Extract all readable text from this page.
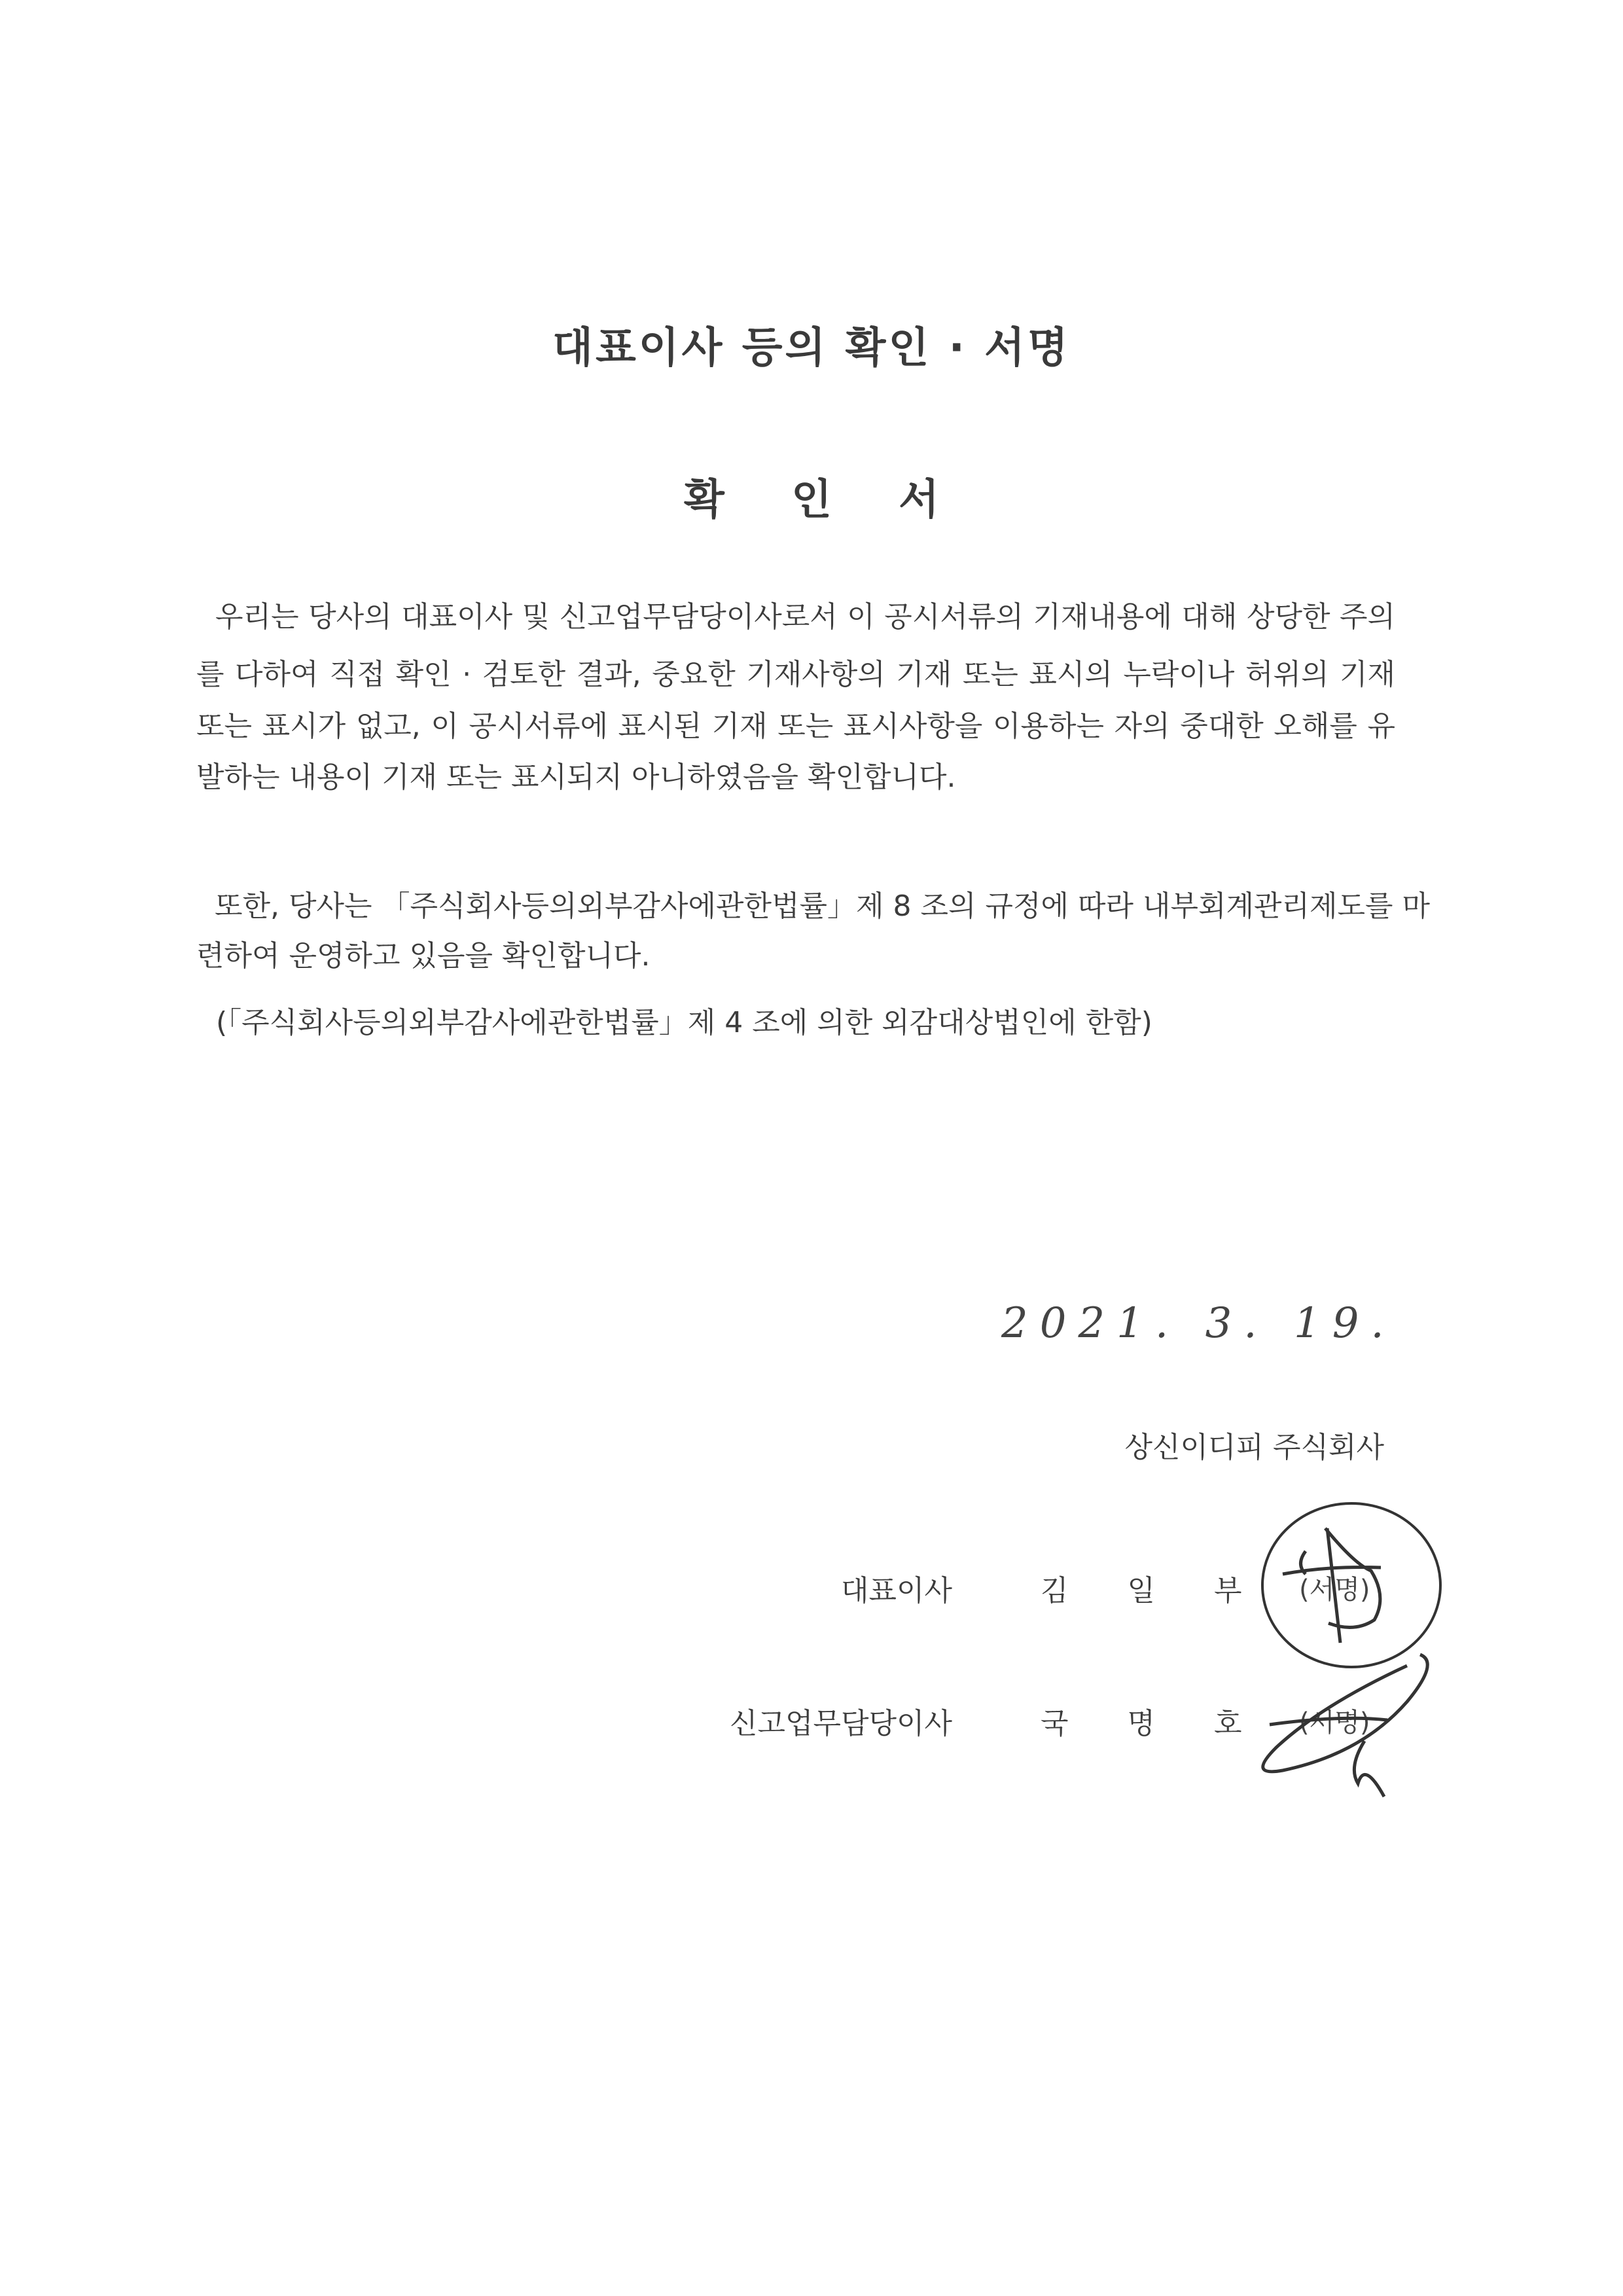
대표이사 등의 확인 · 서명
확 인 서
우리는 당사의 대표이사 및 신고업무담당이사로서 이 공시서류의 기재내용에 대해 상당한 주의
를 다하여 직접 확인 · 검토한 결과, 중요한 기재사항의 기재 또는 표시의 누락이나 허위의 기재
또는 표시가 없고, 이 공시서류에 표시된 기재 또는 표시사항을 이용하는 자의 중대한 오해를 유
발하는 내용이 기재 또는 표시되지 아니하였음을 확인합니다.
또한, 당사는 「주식회사등의외부감사에관한법률」제 8 조의 규정에 따라 내부회계관리제도를 마
련하여 운영하고 있음을 확인합니다.
(「주식회사등의외부감사에관한법률」제 4 조에 의한 외감대상법인에 한함)
2021. 3. 19.
상신이디피 주식회사
대표이사	김 일 부 (서명)
신고업무담당이사	국 명 호 (서명)
